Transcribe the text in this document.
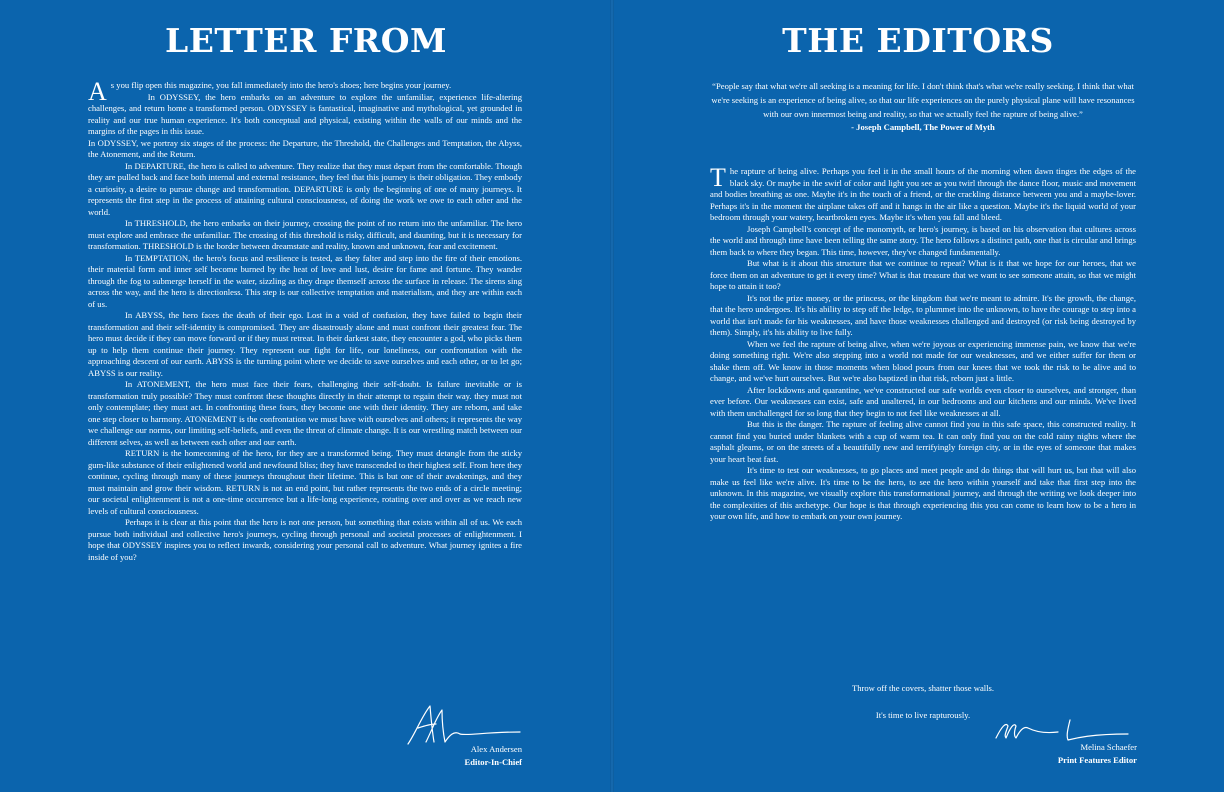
LETTER FROM

As you flip open this magazine, you fall immediately into the hero's shoes; here begins your journey.

In ODYSSEY, the hero embarks on an adventure to explore the unfamiliar, experience life-altering challenges, and return home a transformed person. ODYSSEY is fantastical, imaginative and mythological, yet grounded in reality and our true human experience. It's both conceptual and physical, existing within the walls of our minds and the margins of the pages in this issue.

In ODYSSEY, we portray six stages of the process: the Departure, the Threshold, the Challenges and Temptation, the Abyss, the Atonement, and the Return.

In DEPARTURE, the hero is called to adventure. They realize that they must depart from the comfortable. Though they are pulled back and face both internal and external resistance, they feel that this journey is their obligation. They embody a curiosity, a desire to pursue change and transformation. DEPARTURE is only the beginning of one of many journeys. It represents the first step in the process of attaining cultural consciousness, of doing the work we owe to each other and the world.

In THRESHOLD, the hero embarks on their journey, crossing the point of no return into the unfamiliar. The hero must explore and embrace the unfamiliar. The crossing of this threshold is risky, difficult, and daunting, but it is necessary for transformation. THRESHOLD is the border between dreamstate and reality, known and unknown, fear and excitement.

In TEMPTATION, the hero's focus and resilience is tested, as they falter and step into the fire of their emotions. their material form and inner self become burned by the heat of love and lust, desire for fame and fortune. They wander through the fog to submerge herself in the water, sizzling as they drape themself across the surface in release. The sirens sing across the way, and the hero is directionless. This step is our collective temptation and materialism, and they are within each of us.

In ABYSS, the hero faces the death of their ego. Lost in a void of confusion, they have failed to begin their transformation and their self-identity is compromised. They are disastrously alone and must confront their greatest fear. The hero must decide if they can move forward or if they must retreat. In their darkest state, they encounter a god, who picks them up to help them continue their journey. They represent our fight for life, our loneliness, our confrontation with the approaching descent of our earth. ABYSS is the turning point where we decide to save ourselves and each other, or to let go; ABYSS is our reality.

In ATONEMENT, the hero must face their fears, challenging their self-doubt. Is failure inevitable or is transformation truly possible? They must confront these thoughts directly in their attempt to regain their way. they must not only contemplate; they must act. In confronting these fears, they become one with their identity. They are reborn, and take one step closer to harmony. ATONEMENT is the confrontation we must have with ourselves and others; it represents the way we challenge our norms, our limiting self-beliefs, and even the threat of climate change. It is our wrestling match between our different selves, as well as between each other and our earth.

RETURN is the homecoming of the hero, for they are a transformed being. They must detangle from the sticky gum-like substance of their enlightened world and newfound bliss; they have transcended to their highest self. From here they continue, cycling through many of these journeys throughout their lifetime. This is but one of their awakenings, and they must maintain and grow their wisdom. RETURN is not an end point, but rather represents the two ends of a circle meeting; our societal enlightenment is not a one-time occurrence but a life-long experience, rotating over and over as we reach new levels of cultural consciousness.

Perhaps it is clear at this point that the hero is not one person, but something that exists within all of us. We each pursue both individual and collective hero's journeys, cycling through personal and societal processes of enlightenment. I hope that ODYSSEY inspires you to reflect inwards, considering your personal call to adventure. What journey ignites a fire inside of you?

Alex Andersen
Editor-In-Chief
THE EDITORS
“People say that what we're all seeking is a meaning for life. I don't think that's what we're really seeking. I think that what we're seeking is an experience of being alive, so that our life experiences on the purely physical plane will have resonances with our own innermost being and reality, so that we actually feel the rapture of being alive.”
- Joseph Campbell, The Power of Myth

The rapture of being alive. Perhaps you feel it in the small hours of the morning when dawn tinges the edges of the black sky. Or maybe in the swirl of color and light you see as you twirl through the dance floor, music and movement and bodies breathing as one. Maybe it's in the touch of a friend, or the crackling distance between you and a maybe-lover. Perhaps it's in the moment the airplane takes off and it hangs in the air like a question. Maybe it's the liquid world of your bedroom through your watery, heartbroken eyes. Maybe it's when you fall and bleed.

Joseph Campbell's concept of the monomyth, or hero's journey, is based on his observation that cultures across the world and through time have been telling the same story. The hero follows a distinct path, one that is circular and brings them back to where they began. This time, however, they've changed fundamentally.

But what is it about this structure that we continue to repeat? What is it that we hope for our heroes, that we force them on an adventure to get it every time? What is that treasure that we want to see someone attain, so that we might hope to attain it too?

It's not the prize money, or the princess, or the kingdom that we're meant to admire. It's the growth, the change, that the hero undergoes. It's his ability to step off the ledge, to plummet into the unknown, to have the courage to step into a world that isn't made for his weaknesses, and have those weaknesses challenged and destroyed (or risk being destroyed by them). Simply, it's his ability to live fully.

When we feel the rapture of being alive, when we're joyous or experiencing immense pain, we know that we're doing something right. We're also stepping into a world not made for our weaknesses, and we either suffer for them or shake them off. We know in those moments when blood pours from our knees that we took the risk to be alive and to change, and we've hurt ourselves. But we're also baptized in that risk, reborn just a little.

After lockdowns and quarantine, we've constructed our safe worlds even closer to ourselves, and stronger, than ever before. Our weaknesses can exist, safe and unaltered, in our bedrooms and our kitchens and our minds. We've lived with them unchallenged for so long that they begin to not feel like weaknesses at all.

But this is the danger. The rapture of feeling alive cannot find you in this safe space, this constructed reality. It cannot find you buried under blankets with a cup of warm tea. It can only find you on the cold rainy nights where the asphalt gleams, or on the streets of a beautifully new and terrifyingly foreign city, or in the eyes of someone that makes your heart beat fast.

It's time to test our weaknesses, to go places and meet people and do things that will hurt us, but that will also make us feel like we're alive. It's time to be the hero, to see the hero within yourself and take that first step into the unknown. In this magazine, we visually explore this transformational journey, and through the writing we look deeper into the complexities of this archetype. Our hope is that through experiencing this you can come to learn how to be a hero in your own life, and how to embark on your own journey.

Throw off the covers, shatter those walls.
It's time to live rapturously.
Melina Schaefer
Print Features Editor
